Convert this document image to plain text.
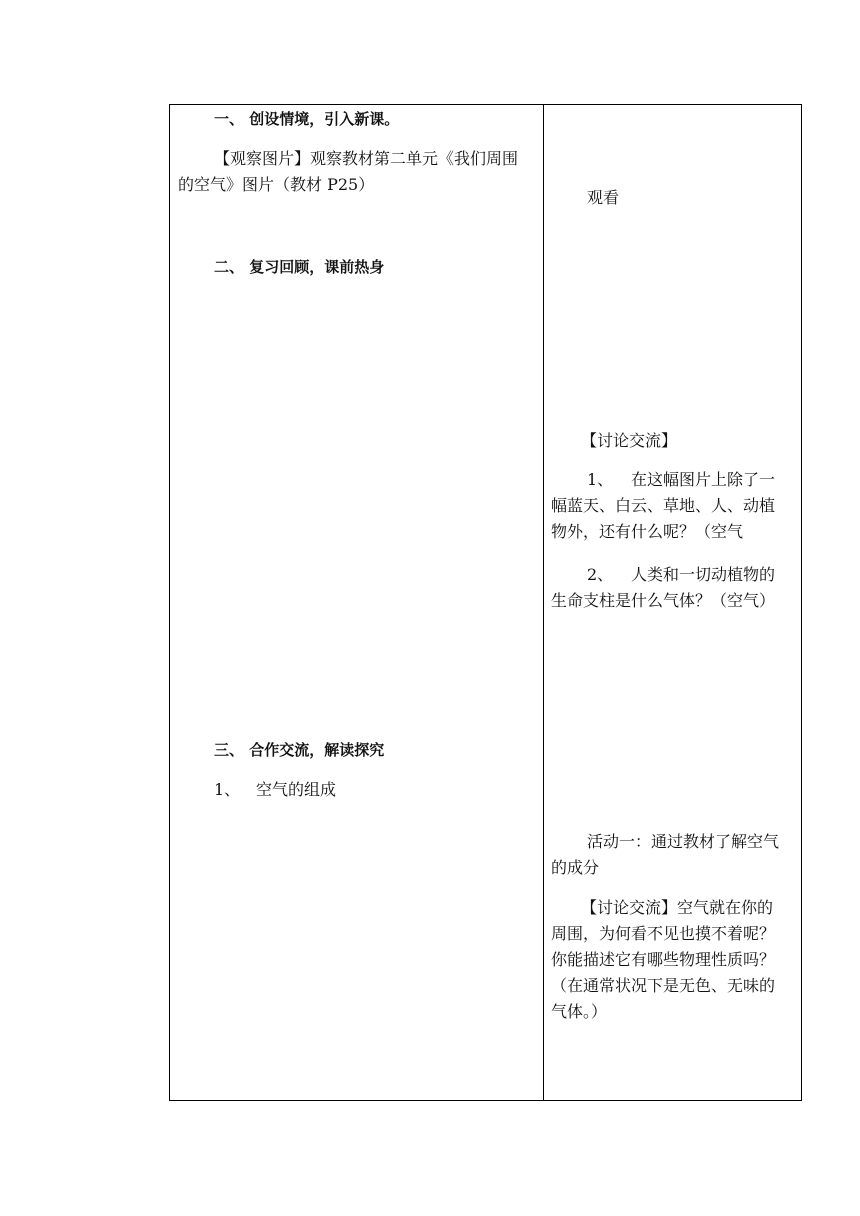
一、 创设情境，引入新课。
【观察图片】观察教材第二单元《我们周围
的空气》图片（教材 P25）
二、 复习回顾，课前热身
三、 合作交流，解读探究
1、 空气的组成
观看
【讨论交流】
1、 在这幅图片上除了一
幅蓝天、白云、草地、人、动植
物外，还有什么呢？（空气
2、 人类和一切动植物的
生命支柱是什么气体？（空气）
活动一：通过教材了解空气
的成分
【讨论交流】空气就在你的
周围，为何看不见也摸不着呢？
你能描述它有哪些物理性质吗？
（在通常状况下是无色、无味的
气体。）
